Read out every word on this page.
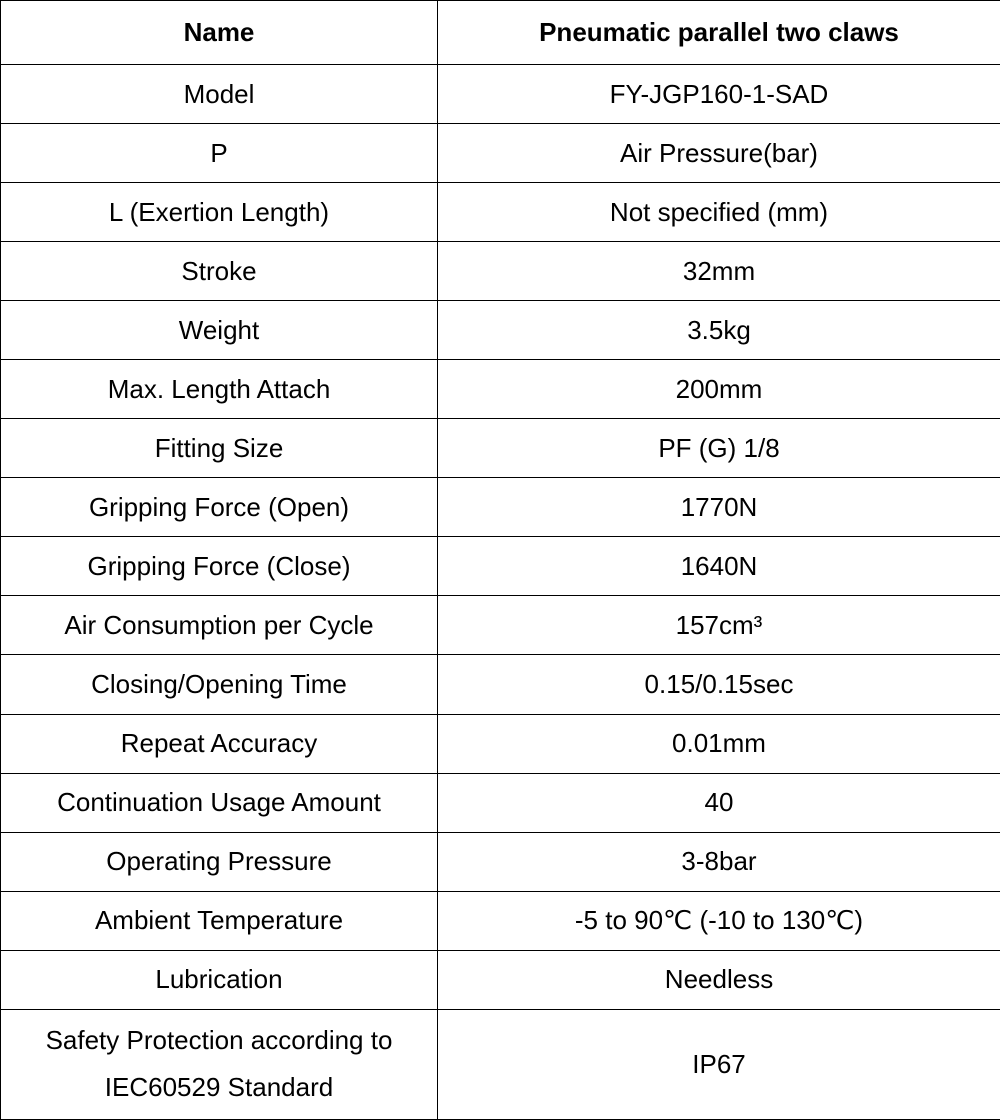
Name	Pneumatic parallel two claws
Model	FY-JGP160-1-SAD
P	Air Pressure(bar)
L (Exertion Length)	Not specified (mm)
Stroke	32mm
Weight	3.5kg
Max. Length Attach	200mm
Fitting Size	PF (G) 1/8
Gripping Force (Open)	1770N
Gripping Force (Close)	1640N
Air Consumption per Cycle	157cm³
Closing/Opening Time	0.15/0.15sec
Repeat Accuracy	0.01mm
Continuation Usage Amount	40
Operating Pressure	3-8bar
Ambient Temperature	-5 to 90℃ (-10 to 130℃)
Lubrication	Needless
Safety Protection according to IEC60529 Standard	IP67
